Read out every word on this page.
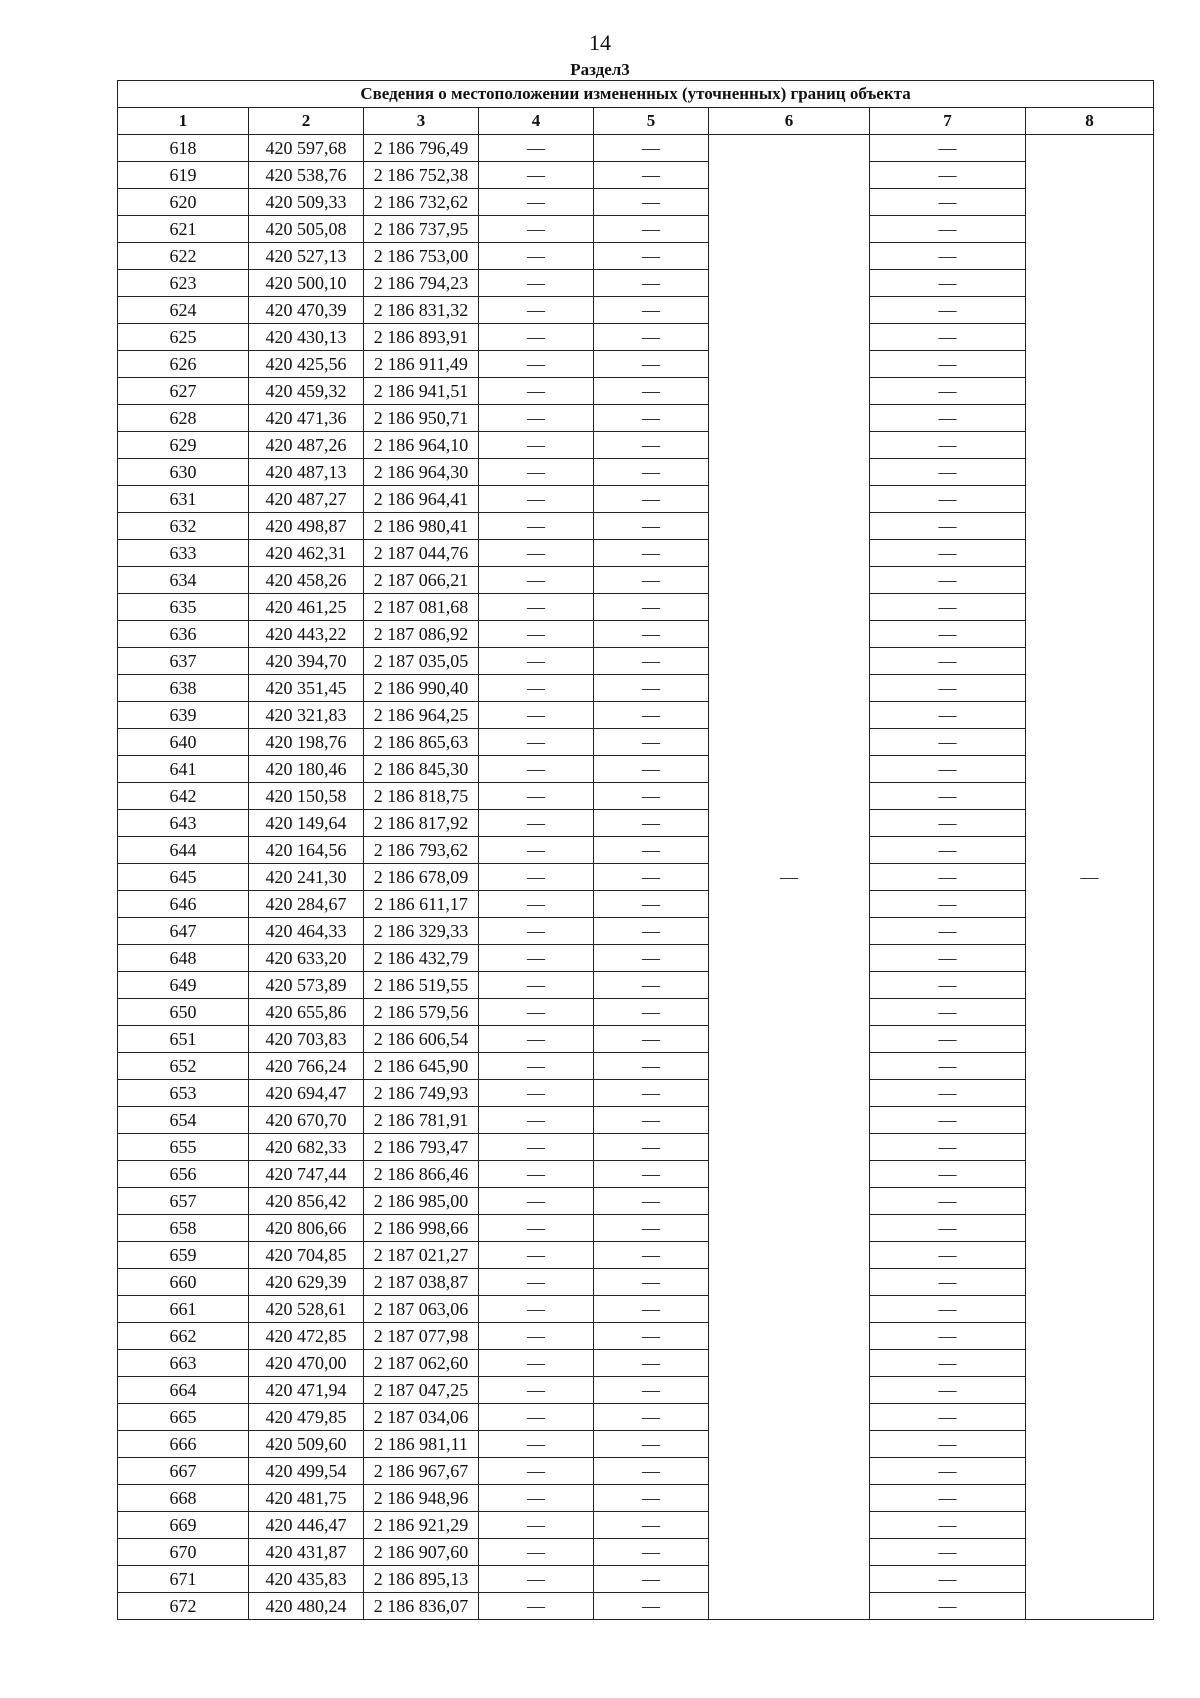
14
Раздел3
Сведения о местоположении измененных (уточненных) границ объекта							
1	2	3	4	5	6	7	8
618	420 597,68	2 186 796,49	—	—	—	—	—
619	420 538,76	2 186 752,38	—	—		—	
620	420 509,33	2 186 732,62	—	—		—	
621	420 505,08	2 186 737,95	—	—		—	
622	420 527,13	2 186 753,00	—	—		—	
623	420 500,10	2 186 794,23	—	—		—	
624	420 470,39	2 186 831,32	—	—		—	
625	420 430,13	2 186 893,91	—	—		—	
626	420 425,56	2 186 911,49	—	—		—	
627	420 459,32	2 186 941,51	—	—		—	
628	420 471,36	2 186 950,71	—	—		—	
629	420 487,26	2 186 964,10	—	—		—	
630	420 487,13	2 186 964,30	—	—		—	
631	420 487,27	2 186 964,41	—	—		—	
632	420 498,87	2 186 980,41	—	—		—	
633	420 462,31	2 187 044,76	—	—		—	
634	420 458,26	2 187 066,21	—	—		—	
635	420 461,25	2 187 081,68	—	—		—	
636	420 443,22	2 187 086,92	—	—		—	
637	420 394,70	2 187 035,05	—	—		—	
638	420 351,45	2 186 990,40	—	—		—	
639	420 321,83	2 186 964,25	—	—		—	
640	420 198,76	2 186 865,63	—	—		—	
641	420 180,46	2 186 845,30	—	—		—	
642	420 150,58	2 186 818,75	—	—		—	
643	420 149,64	2 186 817,92	—	—		—	
644	420 164,56	2 186 793,62	—	—		—	
645	420 241,30	2 186 678,09	—	—		—	
646	420 284,67	2 186 611,17	—	—		—	
647	420 464,33	2 186 329,33	—	—		—	
648	420 633,20	2 186 432,79	—	—		—	
649	420 573,89	2 186 519,55	—	—		—	
650	420 655,86	2 186 579,56	—	—		—	
651	420 703,83	2 186 606,54	—	—		—	
652	420 766,24	2 186 645,90	—	—		—	
653	420 694,47	2 186 749,93	—	—		—	
654	420 670,70	2 186 781,91	—	—		—	
655	420 682,33	2 186 793,47	—	—		—	
656	420 747,44	2 186 866,46	—	—		—	
657	420 856,42	2 186 985,00	—	—		—	
658	420 806,66	2 186 998,66	—	—		—	
659	420 704,85	2 187 021,27	—	—		—	
660	420 629,39	2 187 038,87	—	—		—	
661	420 528,61	2 187 063,06	—	—		—	
662	420 472,85	2 187 077,98	—	—		—	
663	420 470,00	2 187 062,60	—	—		—	
664	420 471,94	2 187 047,25	—	—		—	
665	420 479,85	2 187 034,06	—	—		—	
666	420 509,60	2 186 981,11	—	—		—	
667	420 499,54	2 186 967,67	—	—		—	
668	420 481,75	2 186 948,96	—	—		—	
669	420 446,47	2 186 921,29	—	—		—	
670	420 431,87	2 186 907,60	—	—		—	
671	420 435,83	2 186 895,13	—	—		—	
672	420 480,24	2 186 836,07	—	—		—	
